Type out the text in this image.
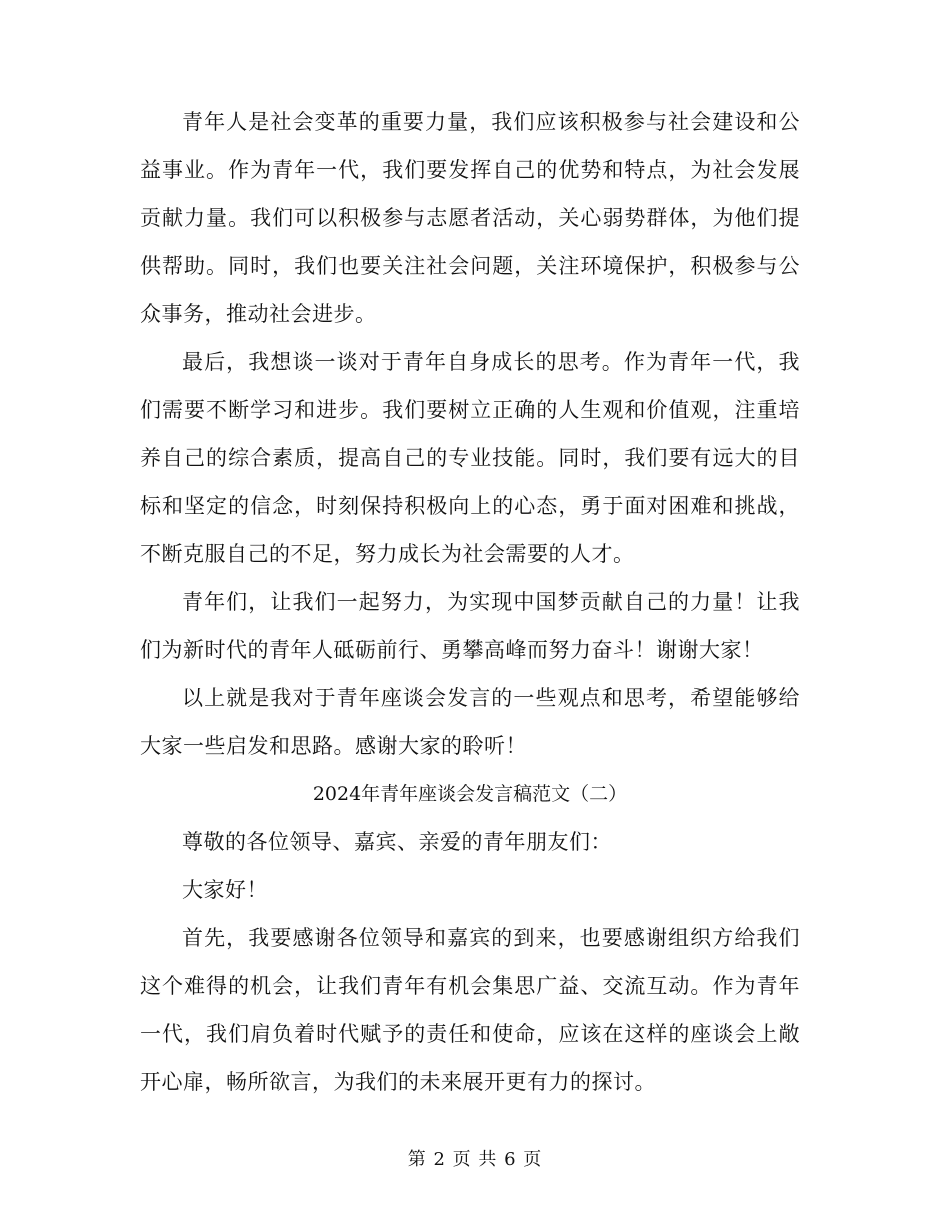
青年人是社会变革的重要力量，我们应该积极参与社会建设和公益事业。作为青年一代，我们要发挥自己的优势和特点，为社会发展贡献力量。我们可以积极参与志愿者活动，关心弱势群体，为他们提供帮助。同时，我们也要关注社会问题，关注环境保护，积极参与公众事务，推动社会进步。

最后，我想谈一谈对于青年自身成长的思考。作为青年一代，我们需要不断学习和进步。我们要树立正确的人生观和价值观，注重培养自己的综合素质，提高自己的专业技能。同时，我们要有远大的目标和坚定的信念，时刻保持积极向上的心态，勇于面对困难和挑战，不断克服自己的不足，努力成长为社会需要的人才。

青年们，让我们一起努力，为实现中国梦贡献自己的力量！让我们为新时代的青年人砥砺前行、勇攀高峰而努力奋斗！谢谢大家！

以上就是我对于青年座谈会发言的一些观点和思考，希望能够给大家一些启发和思路。感谢大家的聆听！

2024年青年座谈会发言稿范文（二）

尊敬的各位领导、嘉宾、亲爱的青年朋友们：

大家好！

首先，我要感谢各位领导和嘉宾的到来，也要感谢组织方给我们这个难得的机会，让我们青年有机会集思广益、交流互动。作为青年一代，我们肩负着时代赋予的责任和使命，应该在这样的座谈会上敞开心扉，畅所欲言，为我们的未来展开更有力的探讨。

第 2 页 共 6 页
